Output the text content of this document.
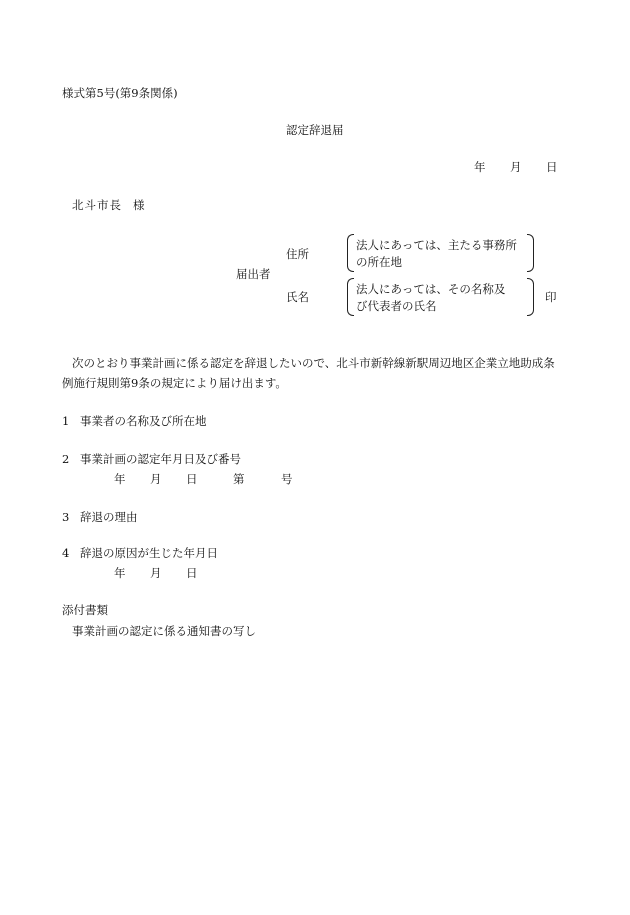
様式第5号(第9条関係)
認定辞退届
年 月 日
北斗市長 様
届出者
住所
法人にあっては、主たる事務所
の所在地
氏名
法人にあっては、その名称及
び代表者の氏名
印
次のとおり事業計画に係る認定を辞退したいので、北斗市新幹線新駅周辺地区企業立地助成条
例施行規則第9条の規定により届け出ます。
1 事業者の名称及び所在地
2 事業計画の認定年月日及び番号
年 月 日	第	号
3 辞退の理由
4 辞退の原因が生じた年月日
年 月 日
添付書類
事業計画の認定に係る通知書の写し
